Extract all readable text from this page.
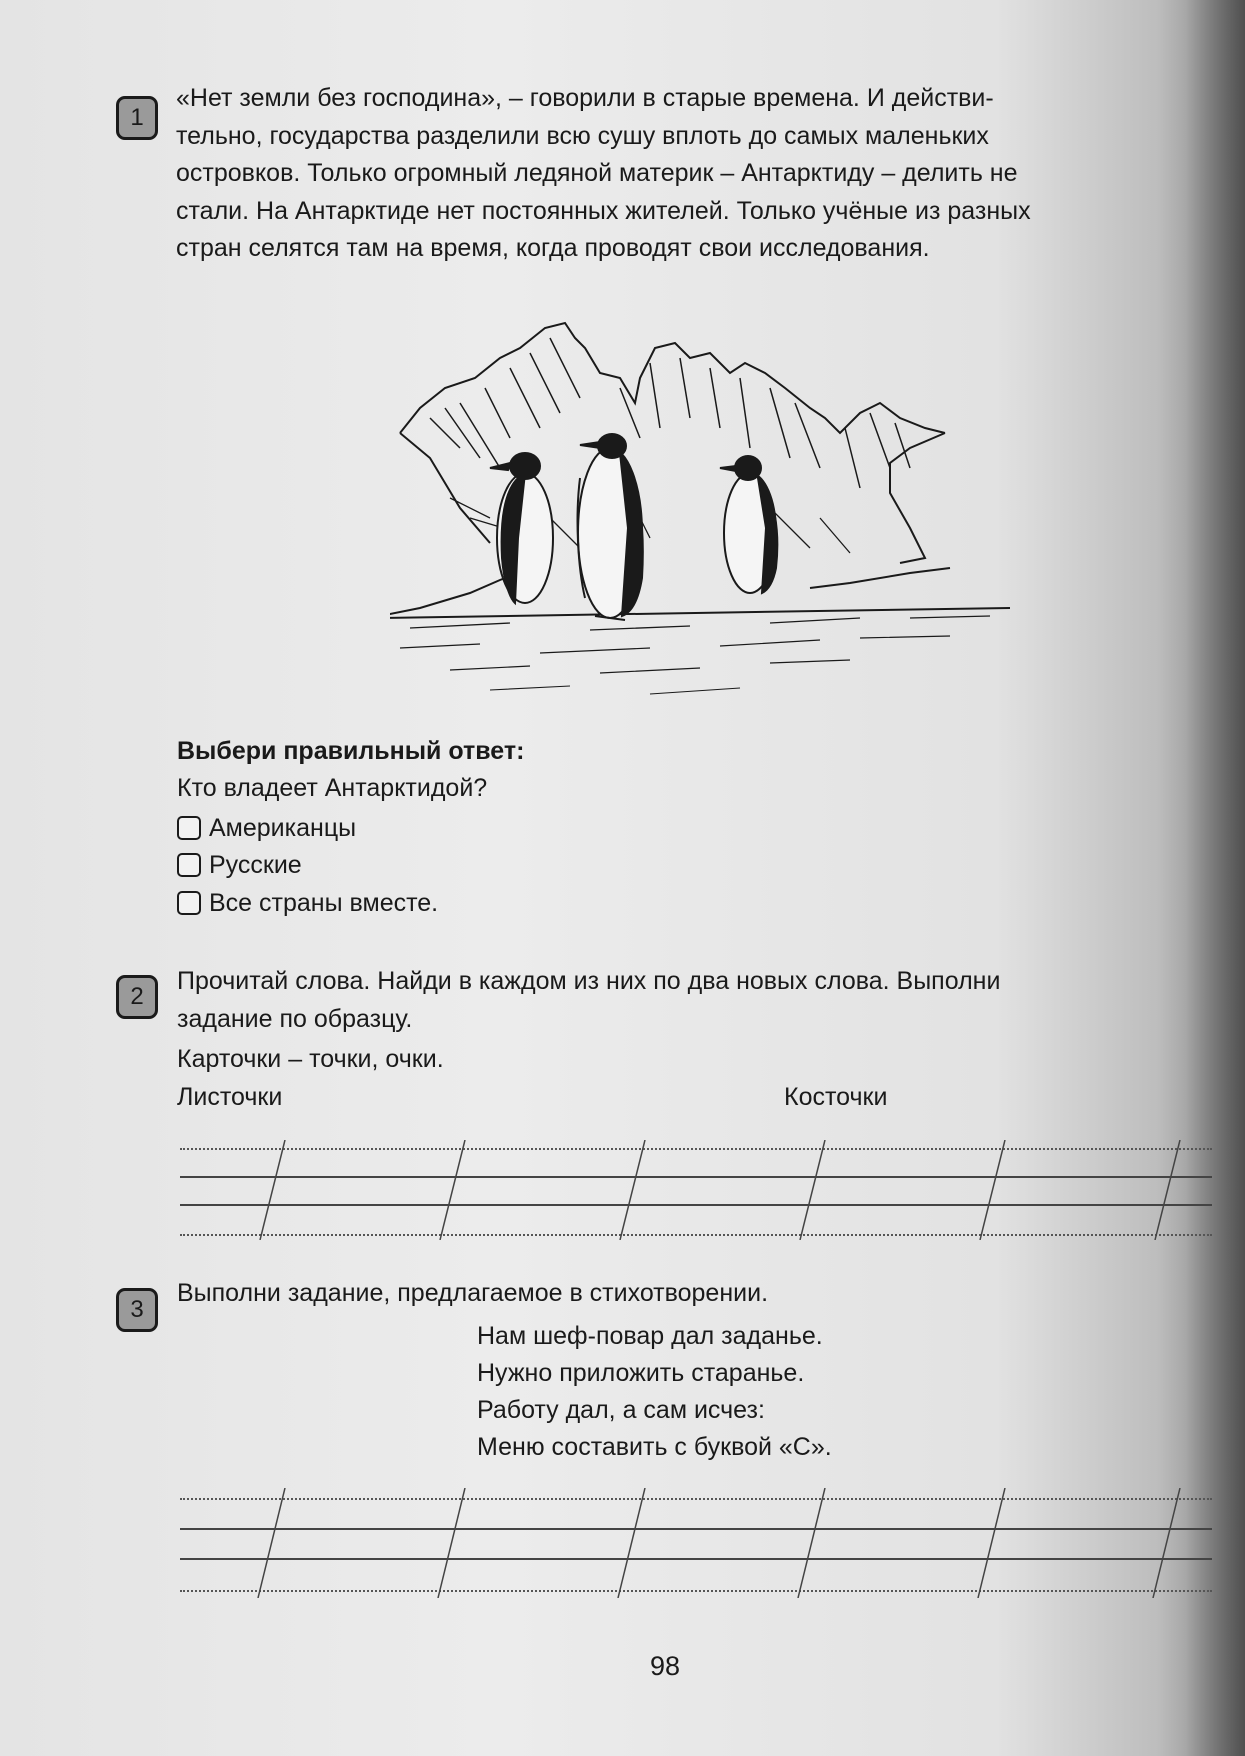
1

«Нет земли без господина», – говорили в старые времена. И действи-

тельно, государства разделили всю сушу вплоть до самых маленьких

островков. Только огромный ледяной материк – Антарктиду – делить не

стали. На Антарктиде нет постоянных жителей. Только учёные из разных

стран селятся там на время, когда проводят свои исследования.

Выбери правильный ответ:
Кто владеет Антарктидой?
Американцы
Русские
Все страны вместе.
2
Прочитай слова. Найди в каждом из них по два новых слова. Выполни
задание по образцу.
Карточки – точки, очки.
Листочки	Косточки
3
Выполни задание, предлагаемое в стихотворении.
Нам шеф-повар дал заданье.
Нужно приложить старанье.
Работу дал, а сам исчез:
Меню составить с буквой «С».
98
